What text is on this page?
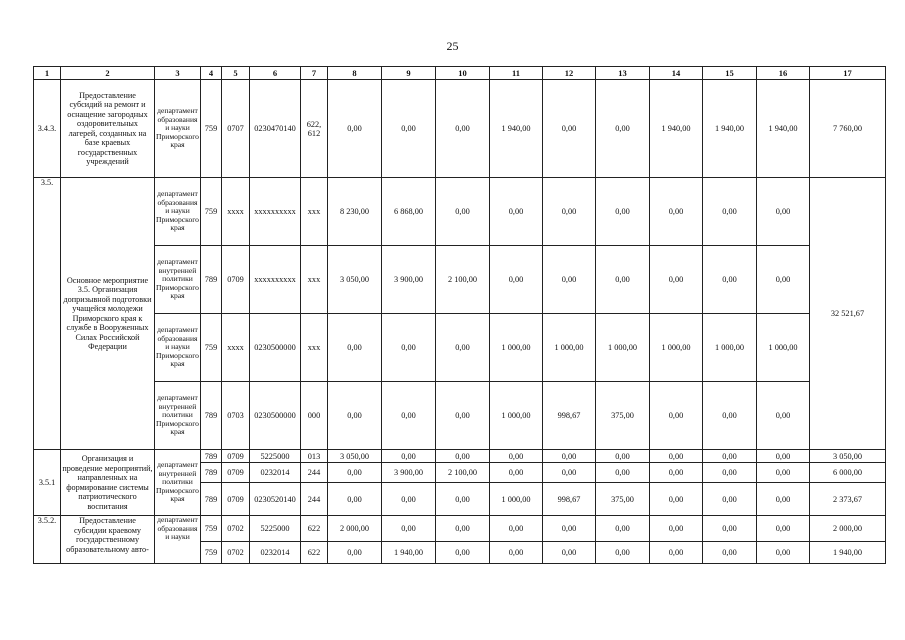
25
1	2	3	4	5	6	7	8	9	10	11	12	13	14	15	16	17
3.4.3.	Предоставление субсидий на ремонт и оснащение загородных оздоровительных лагерей, созданных на базе краевых государственных учреждений	департамент образования и науки Приморского края	759	0707	0230470140	622, 612	0,00	0,00	0,00	1 940,00	0,00	0,00	1 940,00	1 940,00	1 940,00	7 760,00
3.5.	Основное мероприятие 3.5. Организация допризывной подготовки учащейся молодежи Приморского края к службе в Вооруженных Силах Российской Федерации	департамент образования и науки Приморского края	759	xxxx	xxxxxxxxxx	xxx	8 230,00	6 868,00	0,00	0,00	0,00	0,00	0,00	0,00	0,00	32 521,67
		департамент внутренней политики Приморского края	789	0709	xxxxxxxxxx	xxx	3 050,00	3 900,00	2 100,00	0,00	0,00	0,00	0,00	0,00	0,00	
		департамент образования и науки Приморского края	759	xxxx	0230500000	xxx	0,00	0,00	0,00	1 000,00	1 000,00	1 000,00	1 000,00	1 000,00	1 000,00	
		департамент внутренней политики Приморского края	789	0703	0230500000	000	0,00	0,00	0,00	1 000,00	998,67	375,00	0,00	0,00	0,00	
3.5.1	Организация и проведение мероприятий, направленных на формирование системы патриотического воспитания	департамент внутренней политики Приморского края	789	0709	5225000	013	3 050,00	0,00	0,00	0,00	0,00	0,00	0,00	0,00	0,00	3 050,00
			789	0709	0232014	244	0,00	3 900,00	2 100,00	0,00	0,00	0,00	0,00	0,00	0,00	6 000,00
			789	0709	0230520140	244	0,00	0,00	0,00	1 000,00	998,67	375,00	0,00	0,00	0,00	2 373,67
3.5.2.	Предоставление субсидии краевому государственному образовательному авто-	департамент образования и науки	759	0702	5225000	622	2 000,00	0,00	0,00	0,00	0,00	0,00	0,00	0,00	0,00	2 000,00
			759	0702	0232014	622	0,00	1 940,00	0,00	0,00	0,00	0,00	0,00	0,00	0,00	1 940,00
